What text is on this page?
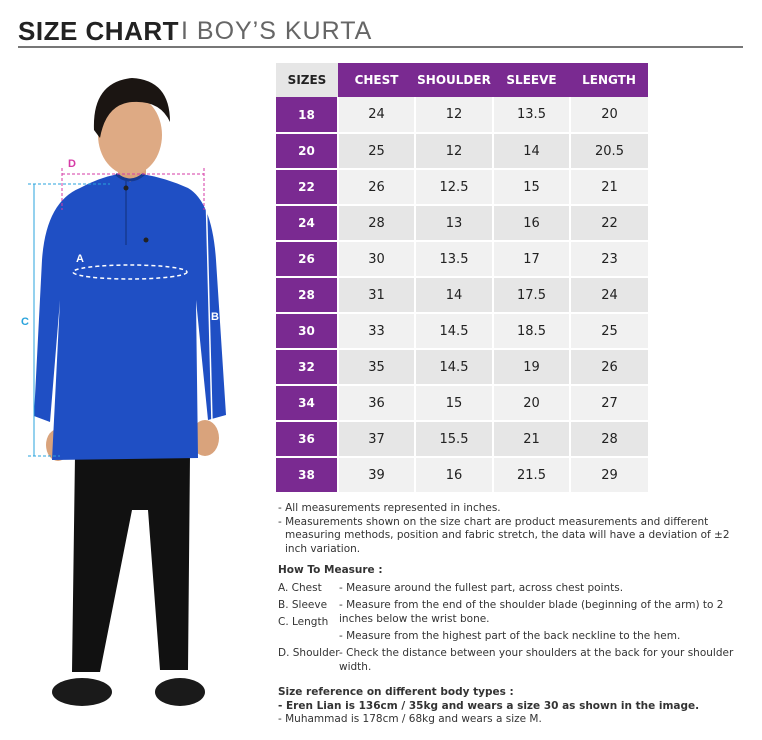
SIZE CHART I BOY’S KURTA
D
A
B
C
SIZES	CHEST	SHOULDER	SLEEVE	LENGTH
18	24	12	13.5	20
20	25	12	14	20.5
22	26	12.5	15	21
24	28	13	16	22
26	30	13.5	17	23
28	31	14	17.5	24
30	33	14.5	18.5	25
32	35	14.5	19	26
34	36	15	20	27
36	37	15.5	21	28
38	39	16	21.5	29

- All measurements represented in inches.

- Measurements shown on the size chart are product measurements and different measuring methods, position and fabric stretch, the data will have a deviation of ±2 inch variation.

How To Measure :
A. Chest - Measure around the fullest part, across chest points.
B. Sleeve - Measure from the end of the shoulder blade (beginning of the arm) to 2 inches below the wrist bone.
C. Length
- Measure from the highest part of the back neckline to the hem.
D. Shoulder - Check the distance between your shoulders at the back for your shoulder width.
Size reference on different body types :
- Eren Lian is 136cm / 35kg and wears a size 30 as shown in the image.
- Muhammad is 178cm / 68kg and wears a size M.
